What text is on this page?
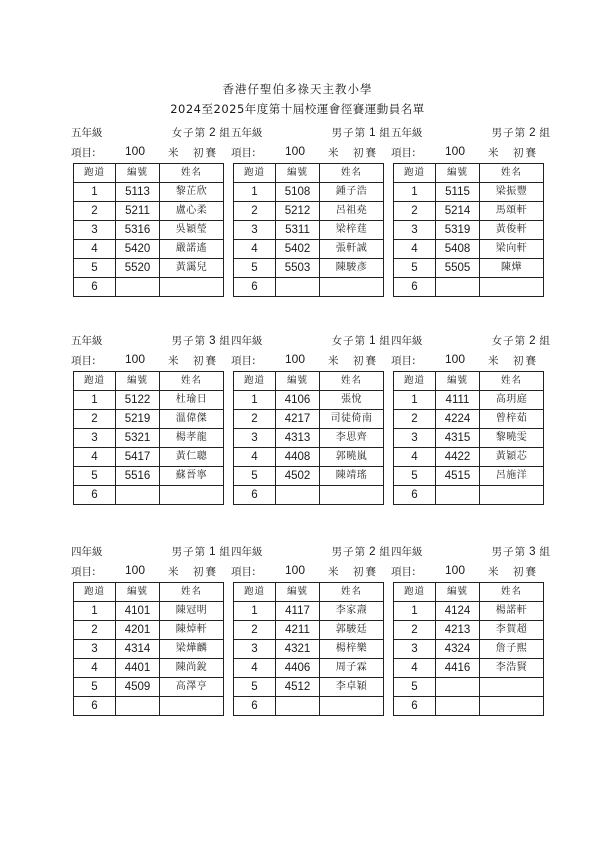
香港仔聖伯多祿天主教小學
2024至2025年度第十屆校運會徑賽運動員名單
五年級	女子第 2 組
項目: 100 米 初賽
跑道	編號	姓名
1	5113	黎芷欣
2	5211	盧心柔
3	5316	吳穎瑩
4	5420	嚴諾遙
5	5520	黃靄兒
6		
五年級	男子第 1 組
項目: 100 米 初賽
跑道	編號	姓名
1	5108	鍾子浩
2	5212	呂祖堯
3	5311	梁梓莛
4	5402	張軒誠
5	5503	陳駿彥
6		
五年級	男子第 2 組
項目: 100 米 初賽
跑道	編號	姓名
1	5115	梁振豐
2	5214	馬頌軒
3	5319	黃俊軒
4	5408	梁向軒
5	5505	陳燁
6		
五年級	男子第 3 組
項目: 100 米 初賽
跑道	編號	姓名
1	5122	杜瑜日
2	5219	溫偉傑
3	5321	楊孝龍
4	5417	黃仁聰
5	5516	蘇晉寧
6		
四年級	女子第 1 組
項目: 100 米 初賽
跑道	編號	姓名
1	4106	張悅
2	4217	司徒倚南
3	4313	李思齊
4	4408	郭曉嵐
5	4502	陳靖瑤
6		
四年級	女子第 2 組
項目: 100 米 初賽
跑道	編號	姓名
1	4111	高玥庭
2	4224	曾梓茹
3	4315	黎曉雯
4	4422	黃穎芯
5	4515	呂施洋
6		
四年級	男子第 1 組
項目: 100 米 初賽
跑道	編號	姓名
1	4101	陳冠明
2	4201	陳焯軒
3	4314	梁燁麟
4	4401	陳尚銳
5	4509	高澤亨
6		
四年級	男子第 2 組
項目: 100 米 初賽
跑道	編號	姓名
1	4117	李家燾
2	4211	郭駿廷
3	4321	楊梓樂
4	4406	周子霖
5	4512	李卓穎
6		
四年級	男子第 3 組
項目: 100 米 初賽
跑道	編號	姓名
1	4124	楊諾軒
2	4213	李賀超
3	4324	詹子熙
4	4416	李浩賢
5		
6		
